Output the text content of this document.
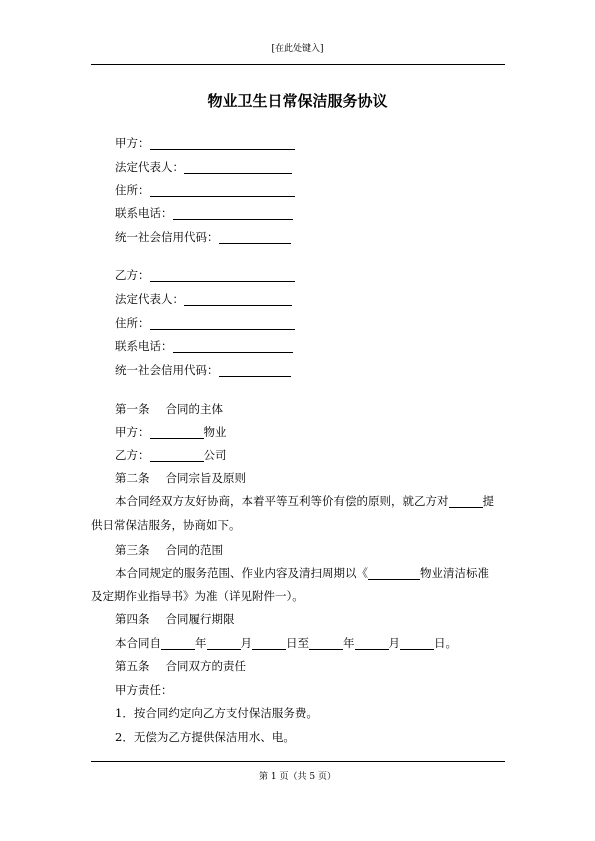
[在此处键入]
物业卫生日常保洁服务协议
甲方：
法定代表人：
住所：
联系电话：
统一社会信用代码：
乙方：
法定代表人：
住所：
联系电话：
统一社会信用代码：
第一条 合同的主体
甲方：	物业
乙方：	公司
第二条 合同宗旨及原则
本合同经双方友好协商，本着平等互利等价有偿的原则，就乙方对	提
供日常保洁服务，协商如下。
第三条 合同的范围
本合同规定的服务范围、作业内容及清扫周期以《	物业清洁标准
及定期作业指导书》为准（详见附件一）。
第四条 合同履行期限
本合同自	年	月	日至	年	月	日。
第五条 合同双方的责任
甲方责任：
1．按合同约定向乙方支付保洁服务费。
2．无偿为乙方提供保洁用水、电。
第 1 页（共 5 页）
